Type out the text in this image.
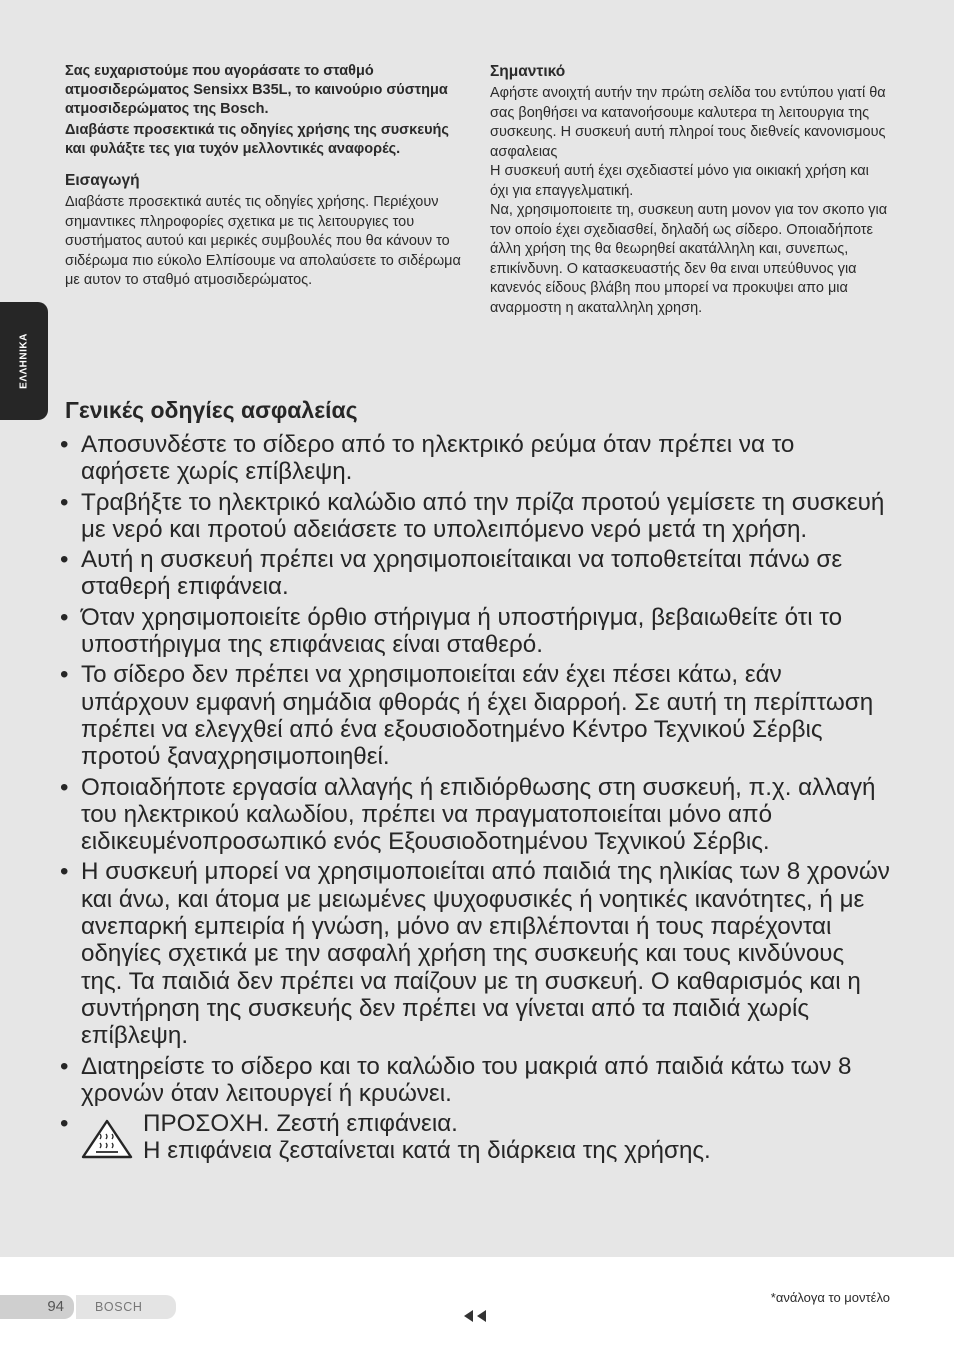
ΕΛΛΗΝΙΚΑ

Σας ευχαριστούμε που αγοράσατε το σταθμό ατμοσιδερώματος Sensixx B35L, το καινούριο σύστημα ατμοσιδερώματος της Bosch.

Διαβάστε προσεκτικά τις οδηγίες χρήσης της συσκευής και φυλάξτε τες για τυχόν μελλοντικές αναφορές.

Εισαγωγή

Διαβάστε προσεκτικά αυτές τις οδηγίες χρήσης. Περιέχουν σημαντικες πληροφορίες σχετικα με τις λειτουργιες του συστήματος αυτού και μερικές συμβουλές που θα κάνουν το σιδέρωμα πιο εύκολο Ελπίσουμε να απολαύσετε το σιδέρωμα με αυτον το σταθμό ατμοσιδερώματος.

Σημαντικό

Αφήστε ανοιχτή αυτήν την πρώτη σελίδα του εντύπου γιατί θα σας βοηθήσει να κατανοήσουμε καλυτερα τη λειτουργια της συσκευης. Η συσκευή αυτή πληροί τους διεθνείς κανονισμους ασφαλειας

Η συσκευή αυτή έχει σχεδιαστεί μόνο για οικιακή χρήση και όχι για επαγγελματική.

Να, χρησιμοποιειτε τη, συσκευη αυτη μονον για τον σκοπο για τον οποίο έχει σχεδιασθεί, δηλαδή ως σίδερο. Οποιαδήποτε άλλη χρήση της θα θεωρηθεί ακατάλληλη και, συνεπως, επικίνδυνη. Ο κατασκευαστής δεν θα ειναι υπεύθυνος για κανενός είδους βλάβη που μπορεί να προκυψει απο μια αναρμοστη η ακαταλληλη χρηση.

Γενικές οδηγίες ασφαλείας
• Αποσυνδέστε το σίδερο από το ηλεκτρικό ρεύμα όταν πρέπει να το αφήσετε χωρίς επίβλεψη.
• Τραβήξτε το ηλεκτρικό καλώδιο από την πρίζα προτού γεμίσετε τη συσκευή με νερό και προτού αδειάσετε το υπολειπόμενο νερό μετά τη χρήση.
• Αυτή η συσκευή πρέπει να χρησιμοποιείταικαι να τοποθετείται πάνω σε σταθερή επιφάνεια.
• Όταν χρησιμοποιείτε όρθιο στήριγμα ή υποστήριγμα, βεβαιωθείτε ότι το υποστήριγμα της επιφάνειας είναι σταθερό.
• Το σίδερο δεν πρέπει να χρησιμοποιείται εάν έχει πέσει κάτω, εάν υπάρχουν εμφανή σημάδια φθοράς ή έχει διαρροή. Σε αυτή τη περίπτωση πρέπει να ελεγχθεί από ένα εξουσιοδοτημένο Κέντρο Τεχνικού Σέρβις προτού ξαναχρησιμοποιηθεί.
• Οποιαδήποτε εργασία αλλαγής ή επιδιόρθωσης στη συσκευή, π.χ. αλλαγή του ηλεκτρικού καλωδίου, πρέπει να πραγματοποιείται μόνο από ειδικευμένοπροσωπικό ενός Εξουσιοδοτημένου Τεχνικού Σέρβις.
• Η συσκευή μπορεί να χρησιμοποιείται από παιδιά της ηλικίας των 8 χρονών και άνω, και άτομα με μειωμένες ψυχοφυσικές ή νοητικές ικανότητες, ή με ανεπαρκή εμπειρία ή γνώση, μόνο αν επιβλέπονται ή τους παρέχονται οδηγίες σχετικά με την ασφαλή χρήση της συσκευής και τους κινδύνους της. Τα παιδιά δεν πρέπει να παίζουν με τη συσκευή. Ο καθαρισμός και η συντήρηση της συσκευής δεν πρέπει να γίνεται από τα παιδιά χωρίς επίβλεψη.
• Διατηρείστε το σίδερο και το καλώδιο του μακριά από παιδιά κάτω των 8 χρονών όταν λειτουργεί ή κρυώνει.
•	ΠΡΟΣΟΧΗ. Ζεστή επιφάνεια.
Η επιφάνεια ζεσταίνεται κατά τη διάρκεια της χρήσης.
94 BOSCH
*ανάλογα το μοντέλο
